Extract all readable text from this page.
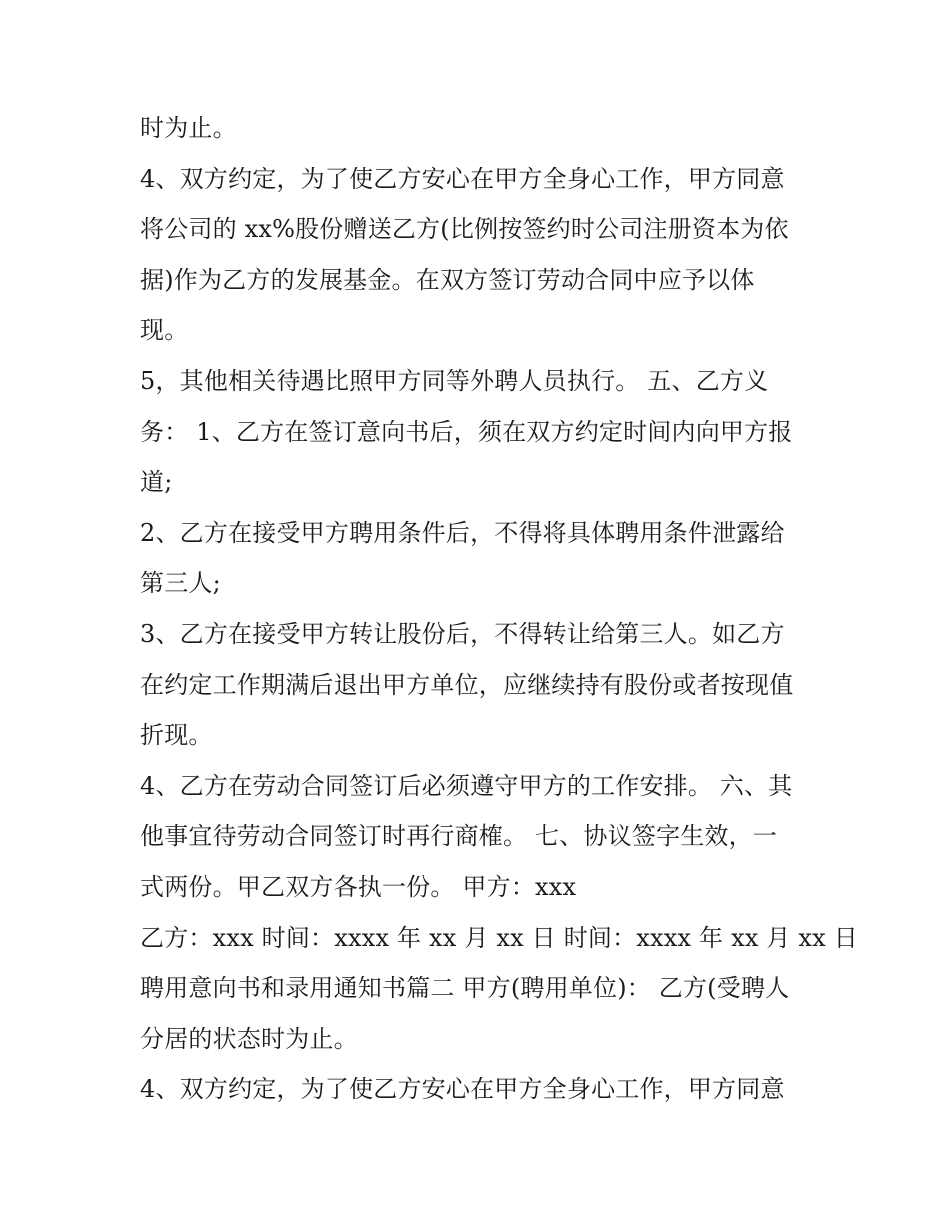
时为止。
4、双方约定，为了使乙方安心在甲方全身心工作，甲方同意
将公司的 xx%股份赠送乙方(比例按签约时公司注册资本为依
据)作为乙方的发展基金。在双方签订劳动合同中应予以体
现。
5，其他相关待遇比照甲方同等外聘人员执行。 五、乙方义
务： 1、乙方在签订意向书后，须在双方约定时间内向甲方报
道;
2、乙方在接受甲方聘用条件后，不得将具体聘用条件泄露给
第三人;
3、乙方在接受甲方转让股份后，不得转让给第三人。如乙方
在约定工作期满后退出甲方单位，应继续持有股份或者按现值
折现。
4、乙方在劳动合同签订后必须遵守甲方的工作安排。 六、其
他事宜待劳动合同签订时再行商榷。 七、协议签字生效，一
式两份。甲乙双方各执一份。 甲方：xxx
乙方：xxx 时间：xxxx 年 xx 月 xx 日 时间：xxxx 年 xx 月 xx 日
聘用意向书和录用通知书篇二 甲方(聘用单位)： 乙方(受聘人
分居的状态时为止。
4、双方约定，为了使乙方安心在甲方全身心工作，甲方同意
